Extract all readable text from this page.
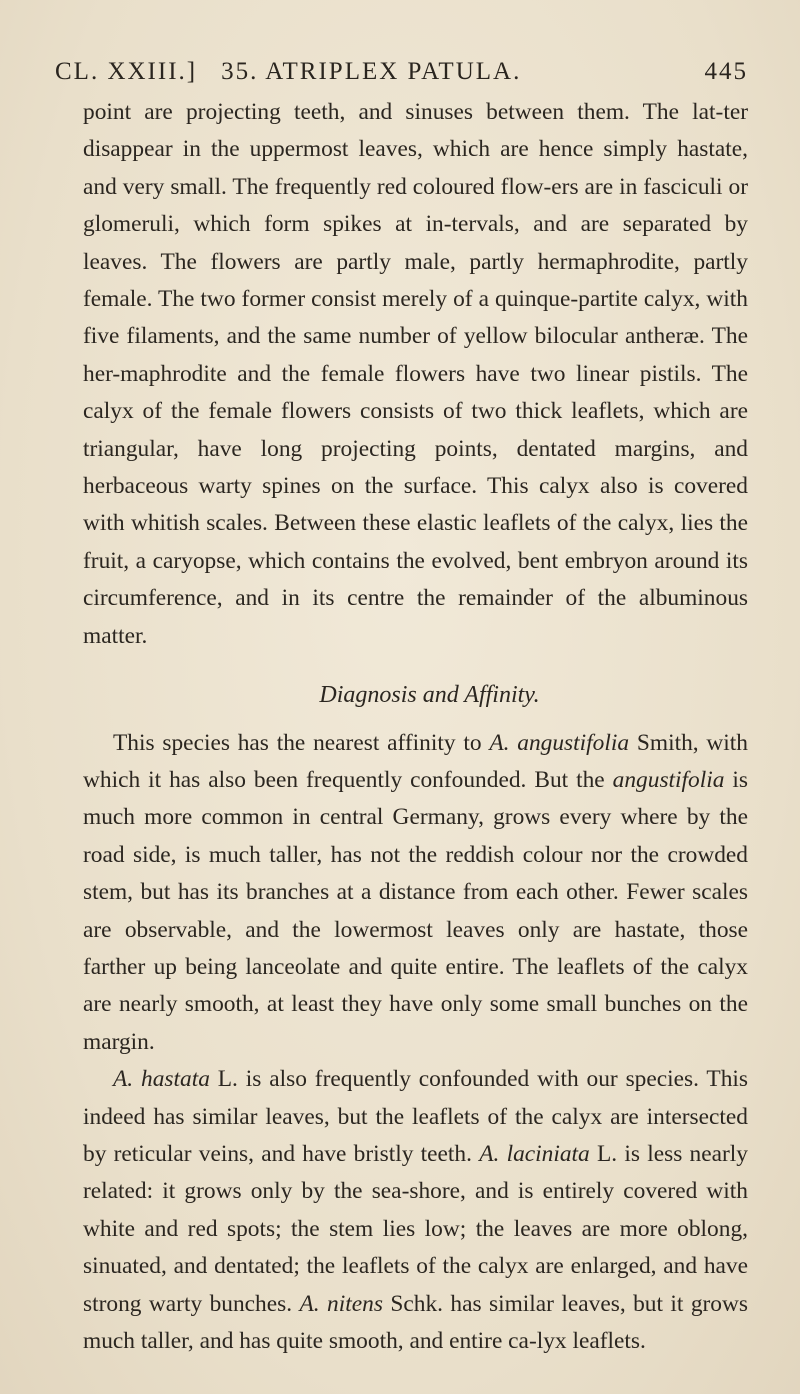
CL. XXIII.] 35. ATRIPLEX PATULA.	445

point are projecting teeth, and sinuses between them. The lat-ter disappear in the uppermost leaves, which are hence simply hastate, and very small. The frequently red coloured flow-ers are in fasciculi or glomeruli, which form spikes at in-tervals, and are separated by leaves. The flowers are partly male, partly hermaphrodite, partly female. The two former consist merely of a quinque-partite calyx, with five filaments, and the same number of yellow bilocular antheræ. The her-maphrodite and the female flowers have two linear pistils. The calyx of the female flowers consists of two thick leaflets, which are triangular, have long projecting points, dentated margins, and herbaceous warty spines on the surface. This calyx also is covered with whitish scales. Between these elastic leaflets of the calyx, lies the fruit, a caryopse, which contains the evolved, bent embryon around its circumference, and in its centre the remainder of the albuminous matter.

Diagnosis and Affinity.

This species has the nearest affinity to A. angustifolia Smith, with which it has also been frequently confounded. But the angustifolia is much more common in central Germany, grows every where by the road side, is much taller, has not the reddish colour nor the crowded stem, but has its branches at a distance from each other. Fewer scales are observable, and the lowermost leaves only are hastate, those farther up being lanceolate and quite entire. The leaflets of the calyx are nearly smooth, at least they have only some small bunches on the margin.

A. hastata L. is also frequently confounded with our species. This indeed has similar leaves, but the leaflets of the calyx are intersected by reticular veins, and have bristly teeth. A. laciniata L. is less nearly related: it grows only by the sea-shore, and is entirely covered with white and red spots; the stem lies low; the leaves are more oblong, sinuated, and dentated; the leaflets of the calyx are enlarged, and have strong warty bunches. A. nitens Schk. has similar leaves, but it grows much taller, and has quite smooth, and entire ca-lyx leaflets.
